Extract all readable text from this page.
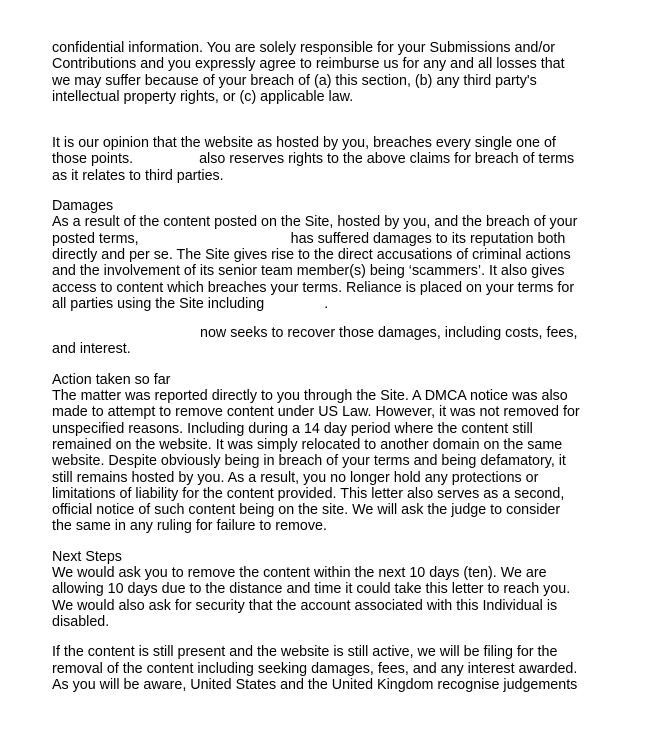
confidential information. You are solely responsible for your Submissions and/or
Contributions and you expressly agree to reimburse us for any and all losses that
we may suffer because of your breach of (a) this section, (b) any third party's
intellectual property rights, or (c) applicable law.
It is our opinion that the website as hosted by you, breaches every single one of
those points.	also reserves rights to the above claims for breach of terms
as it relates to third parties.
Damages
As a result of the content posted on the Site, hosted by you, and the breach of your
posted terms,	has suffered damages to its reputation both
directly and per se. The Site gives rise to the direct accusations of criminal actions
and the involvement of its senior team member(s) being ‘scammers’. It also gives
access to content which breaches your terms. Reliance is placed on your terms for
all parties using the Site including	.
now seeks to recover those damages, including costs, fees,
and interest.
Action taken so far
The matter was reported directly to you through the Site. A DMCA notice was also
made to attempt to remove content under US Law. However, it was not removed for
unspecified reasons. Including during a 14 day period where the content still
remained on the website. It was simply relocated to another domain on the same
website. Despite obviously being in breach of your terms and being defamatory, it
still remains hosted by you. As a result, you no longer hold any protections or
limitations of liability for the content provided. This letter also serves as a second,
official notice of such content being on the site. We will ask the judge to consider
the same in any ruling for failure to remove.
Next Steps
We would ask you to remove the content within the next 10 days (ten). We are
allowing 10 days due to the distance and time it could take this letter to reach you.
We would also ask for security that the account associated with this Individual is
disabled.
If the content is still present and the website is still active, we will be filing for the
removal of the content including seeking damages, fees, and any interest awarded.
As you will be aware, United States and the United Kingdom recognise judgements
